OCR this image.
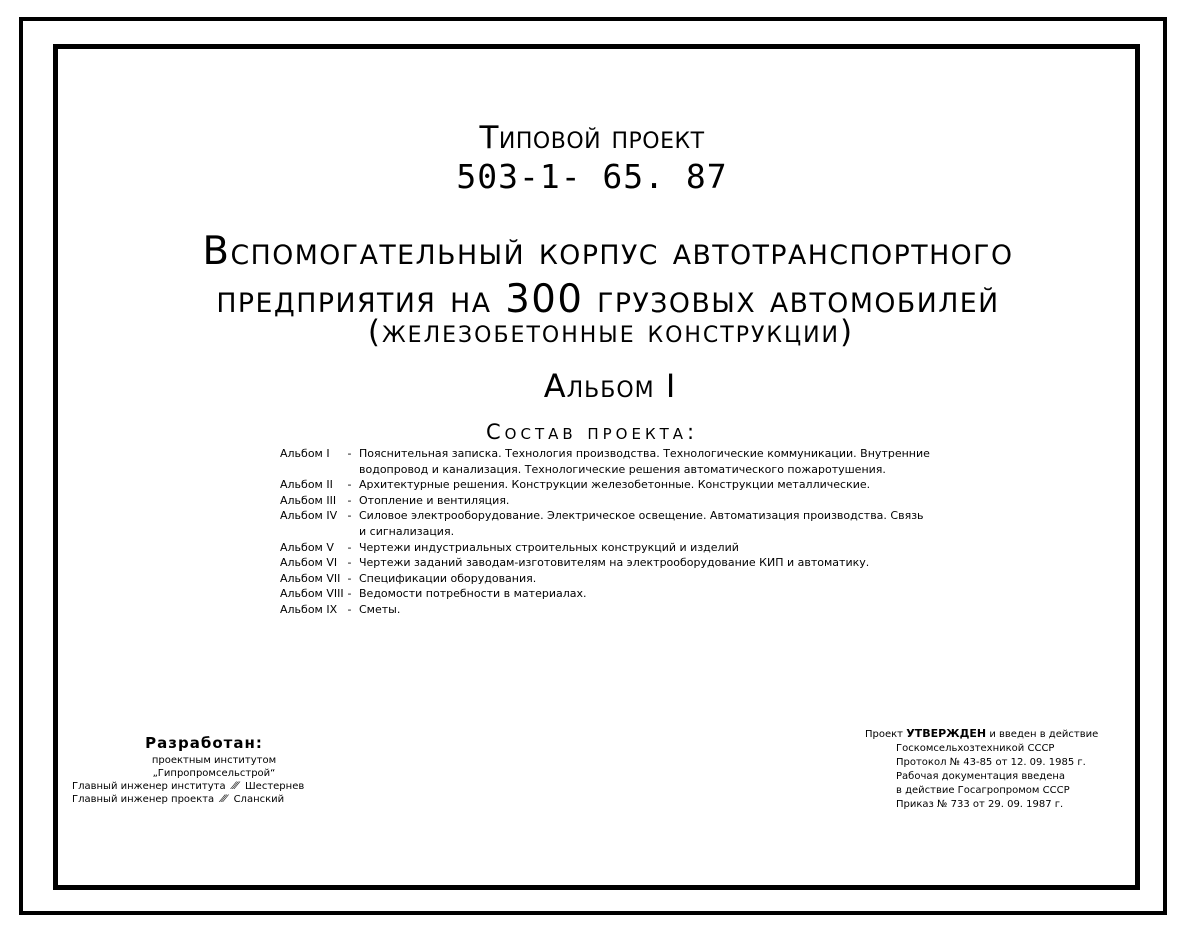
Типовой проект
503-1- 65. 87
Вспомогательный корпус автотранспортного
предприятия на 300 грузовых автомобилей
(железобетонные конструкции)
Альбом I
Состав проекта:
Альбом I	- Пояснительная записка. Технология производства. Технологические коммуникации. Внутренние
водопровод и канализация. Технологические решения автоматического пожаротушения.
Альбом II	- Архитектурные решения. Конструкции железобетонные. Конструкции металлические.
Альбом III	- Отопление и вентиляция.
Альбом IV - Силовое электрооборудование. Электрическое освещение. Автоматизация производства. Связь
и сигнализация.
Альбом V	- Чертежи индустриальных строительных конструкций и изделий
Альбом VI - Чертежи заданий заводам-изготовителям на электрооборудование КИП и автоматику.
Альбом VII - Спецификации оборудования.
Альбом VIII - Ведомости потребности в материалах.
Альбом IX - Сметы.
Разработан:
проектным институтом
„Гипропромсельстрой“
Главный инженер института ⁄⁄⁄ Шестернев
Главный инженер проекта ⁄⁄⁄ Сланский
Проект УТВЕРЖДЕН и введен в действие
Госкомсельхозтехникой СССР
Протокол № 43-85 от 12. 09. 1985 г.
Рабочая документация введена
в действие Госагропромом СССР
Приказ № 733 от 29. 09. 1987 г.
